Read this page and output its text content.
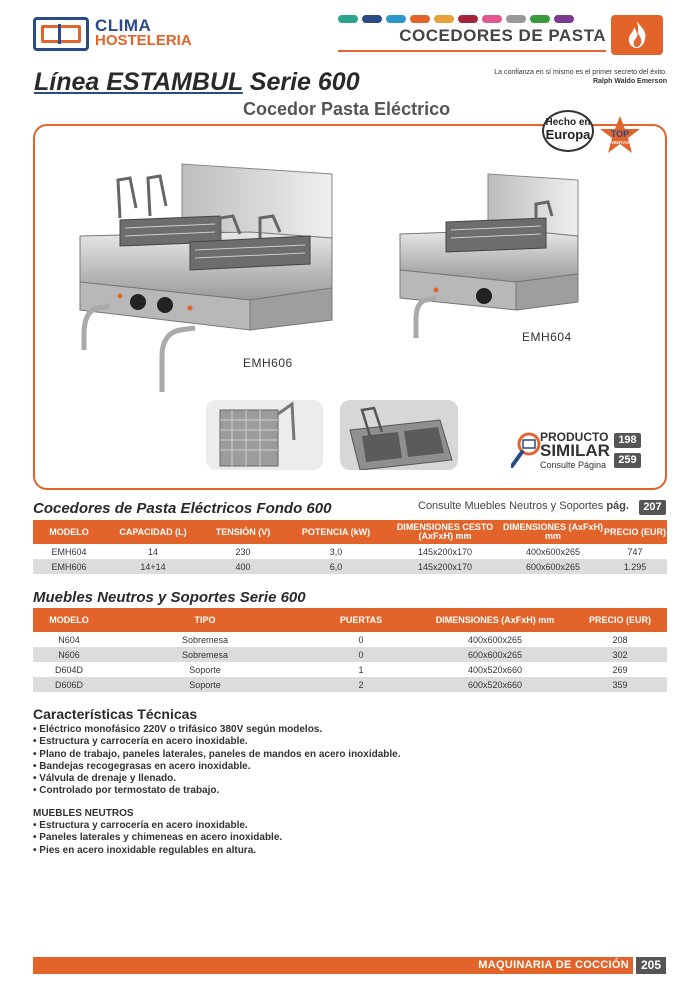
CLIMA
HOSTELERIA	COCEDORES DE PASTA
Línea ESTAMBUL Serie 600	La confianza en sí mismo es el primer secreto del éxito.
Ralph Waldo Emerson
Cocedor Pasta Eléctrico
EMH606
EMH604
Hecho en
Europa TOP
VENTAS
PRODUCTO
SIMILAR
Consulte Página
198
259
Cocedores de Pasta Eléctricos Fondo 600	Consulte Muebles Neutros y Soportes pág.	207
MODELO	CAPACIDAD (L)	TENSIÓN (V)	POTENCIA (kW)	DIMENSIONES CESTO (AxFxH) mm	DIMENSIONES (AxFxH) mm	PRECIO (EUR)
EMH604	14	230	3,0	145x200x170	400x600x265	747
EMH606	14+14	400	6,0	145x200x170	600x600x265	1.295
Muebles Neutros y Soportes Serie 600
MODELO	TIPO	PUERTAS	DIMENSIONES (AxFxH) mm	PRECIO (EUR)
N604	Sobremesa	0	400x600x265	208
N606	Sobremesa	0	600x600x265	302
D604D	Soporte	1	400x520x660	269
D606D	Soporte	2	600x520x660	359
Características Técnicas
• Eléctrico monofásico 220V o trifásico 380V según modelos.
• Estructura y carrocería en acero inoxidable.
• Plano de trabajo, paneles laterales, paneles de mandos en acero inoxidable.
• Bandejas recogegrasas en acero inoxidable.
• Válvula de drenaje y llenado.
• Controlado por termostato de trabajo.
MUEBLES NEUTROS
• Estructura y carrocería en acero inoxidable.
• Paneles laterales y chimeneas en acero inoxidable.
• Pies en acero inoxidable regulables en altura.
MAQUINARIA DE COCCIÓN 205
